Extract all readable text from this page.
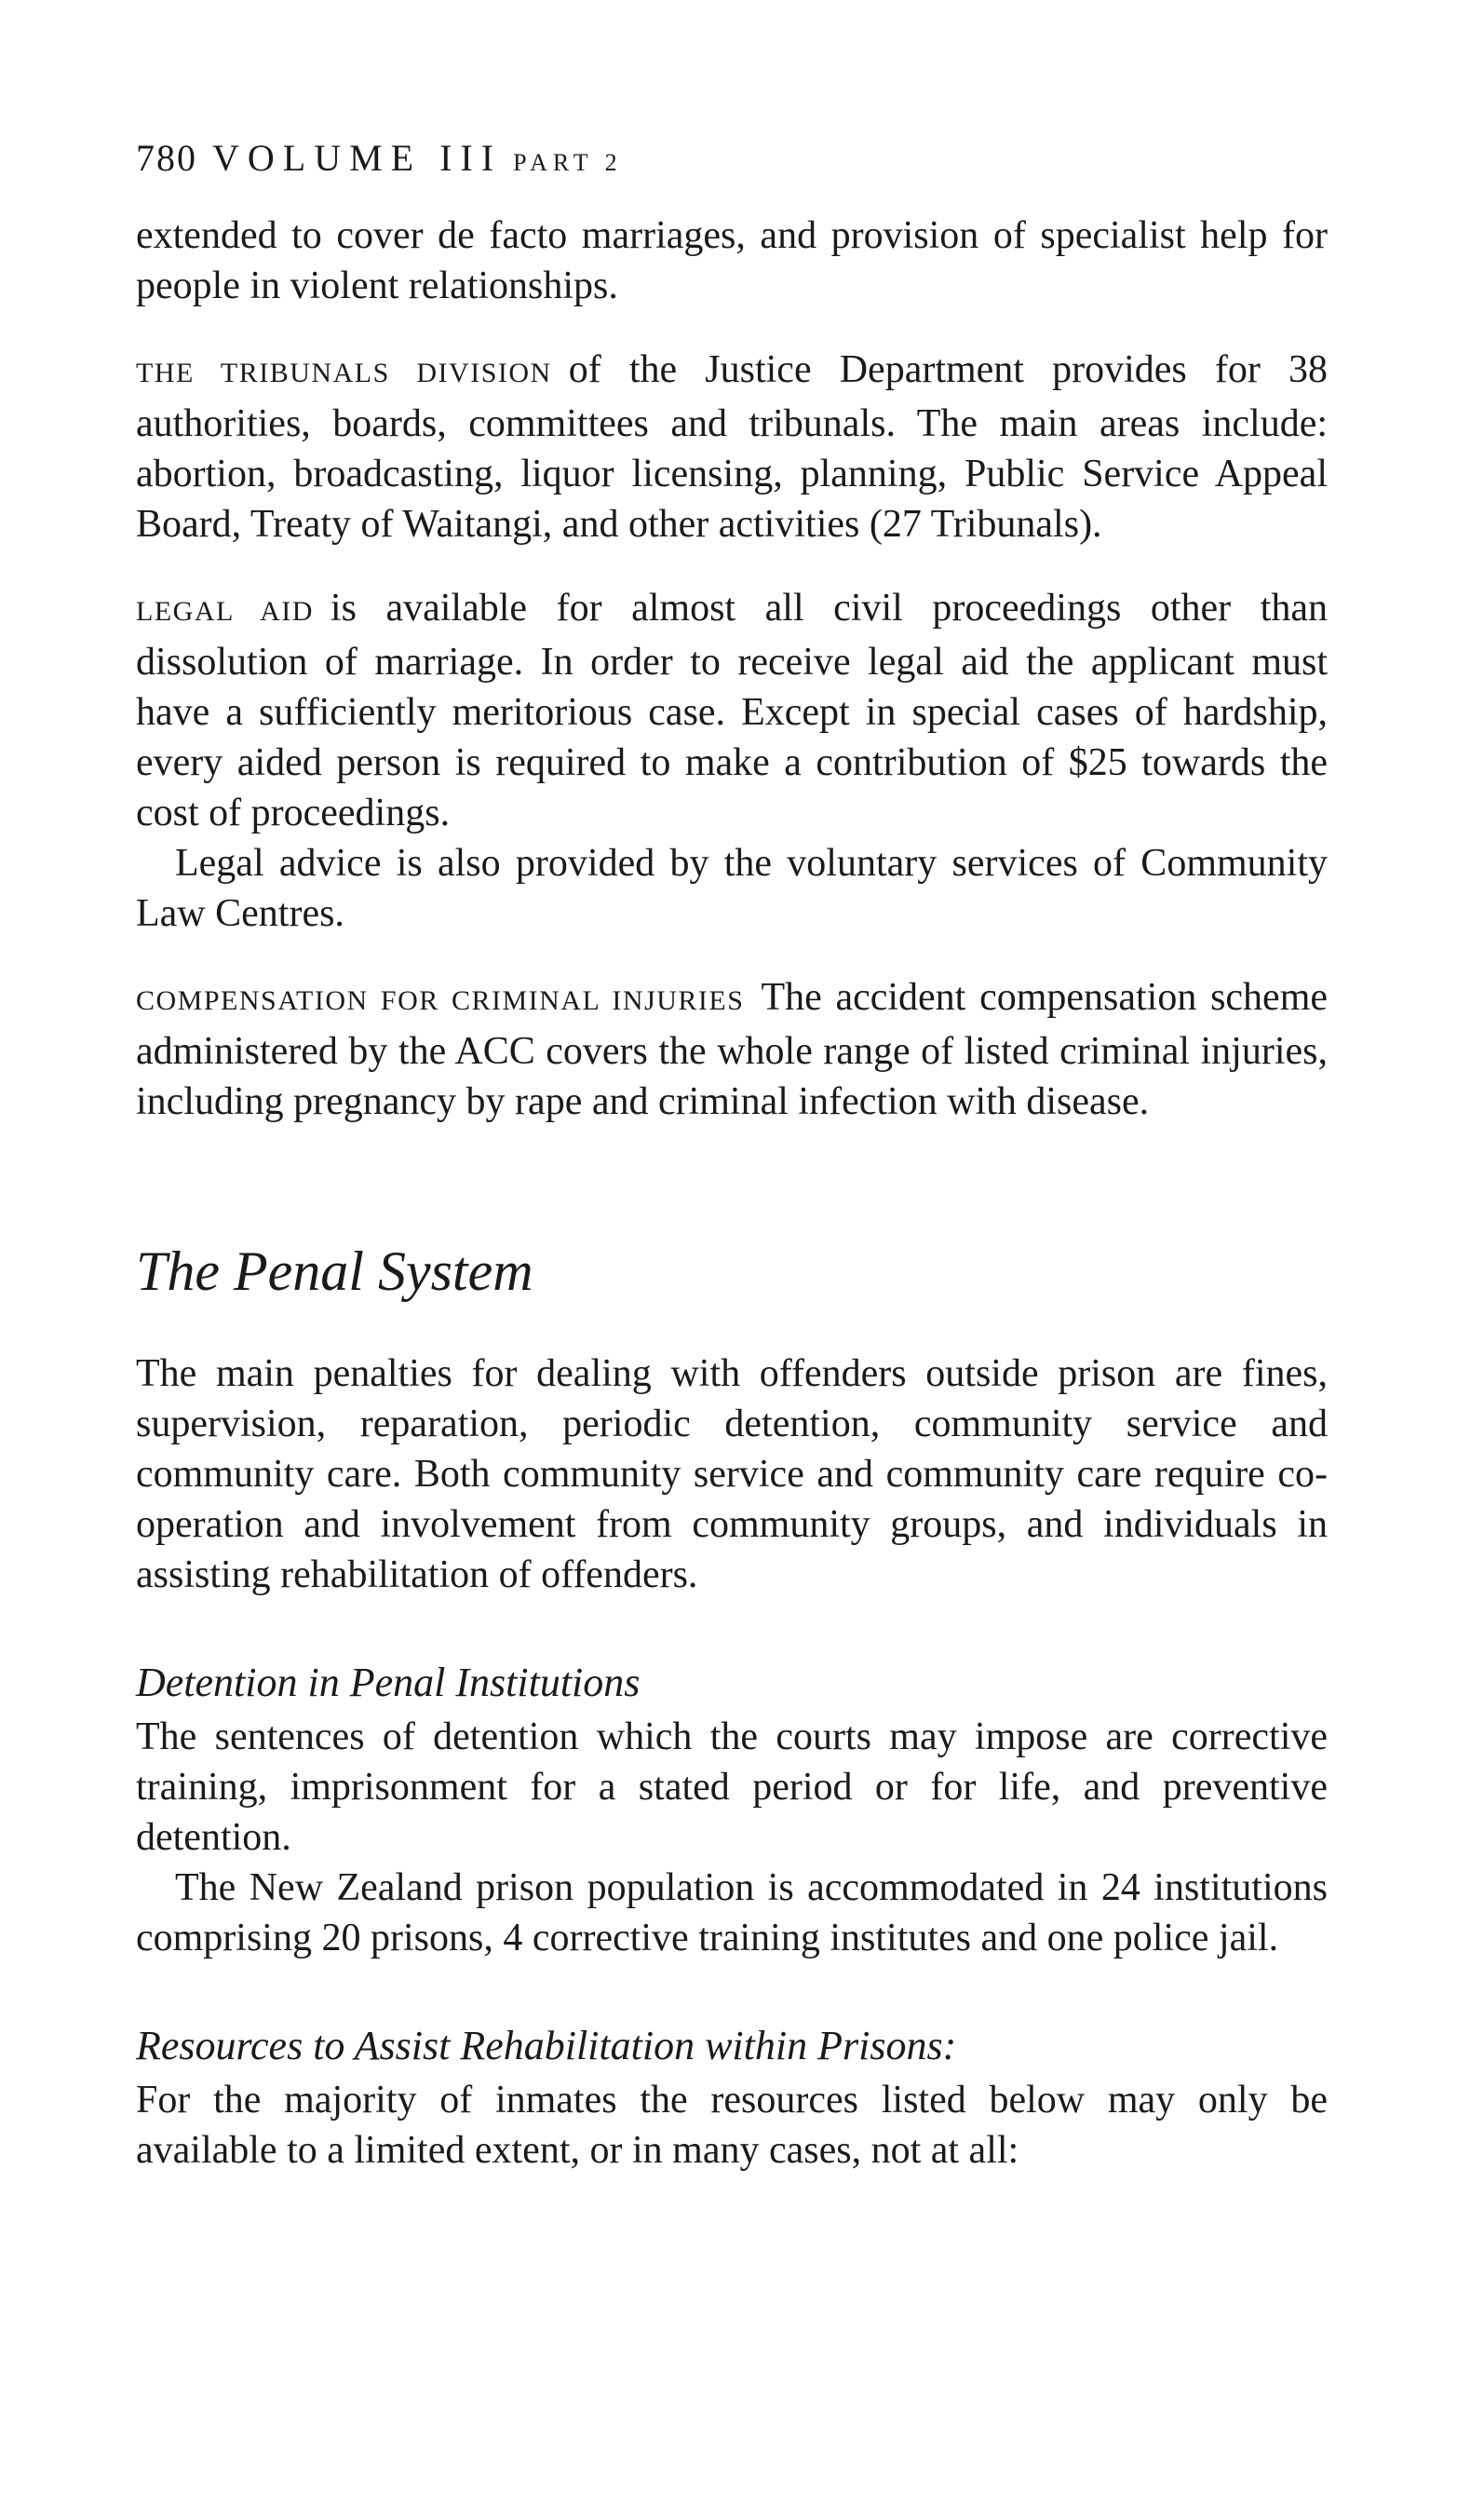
780 VOLUME III PART 2

extended to cover de facto marriages, and provision of specialist help for people in violent relationships.

THE TRIBUNALS DIVISION of the Justice Department provides for 38 authorities, boards, committees and tribunals. The main areas include: abortion, broadcasting, liquor licensing, planning, Public Service Appeal Board, Treaty of Waitangi, and other activities (27 Tribunals).

LEGAL AID is available for almost all civil proceedings other than dissolution of marriage. In order to receive legal aid the applicant must have a sufficiently meritorious case. Except in special cases of hardship, every aided person is required to make a contribution of $25 towards the cost of proceedings.

Legal advice is also provided by the voluntary services of Community Law Centres.

COMPENSATION FOR CRIMINAL INJURIES The accident compensation scheme administered by the ACC covers the whole range of listed criminal injuries, including pregnancy by rape and criminal infection with disease.

The Penal System

The main penalties for dealing with offenders outside prison are fines, supervision, reparation, periodic detention, community service and community care. Both community service and community care require co-operation and involvement from community groups, and individuals in assisting rehabilitation of offenders.

Detention in Penal Institutions

The sentences of detention which the courts may impose are corrective training, imprisonment for a stated period or for life, and preventive detention.

The New Zealand prison population is accommodated in 24 institutions comprising 20 prisons, 4 corrective training institutes and one police jail.

Resources to Assist Rehabilitation within Prisons:

For the majority of inmates the resources listed below may only be available to a limited extent, or in many cases, not at all:
